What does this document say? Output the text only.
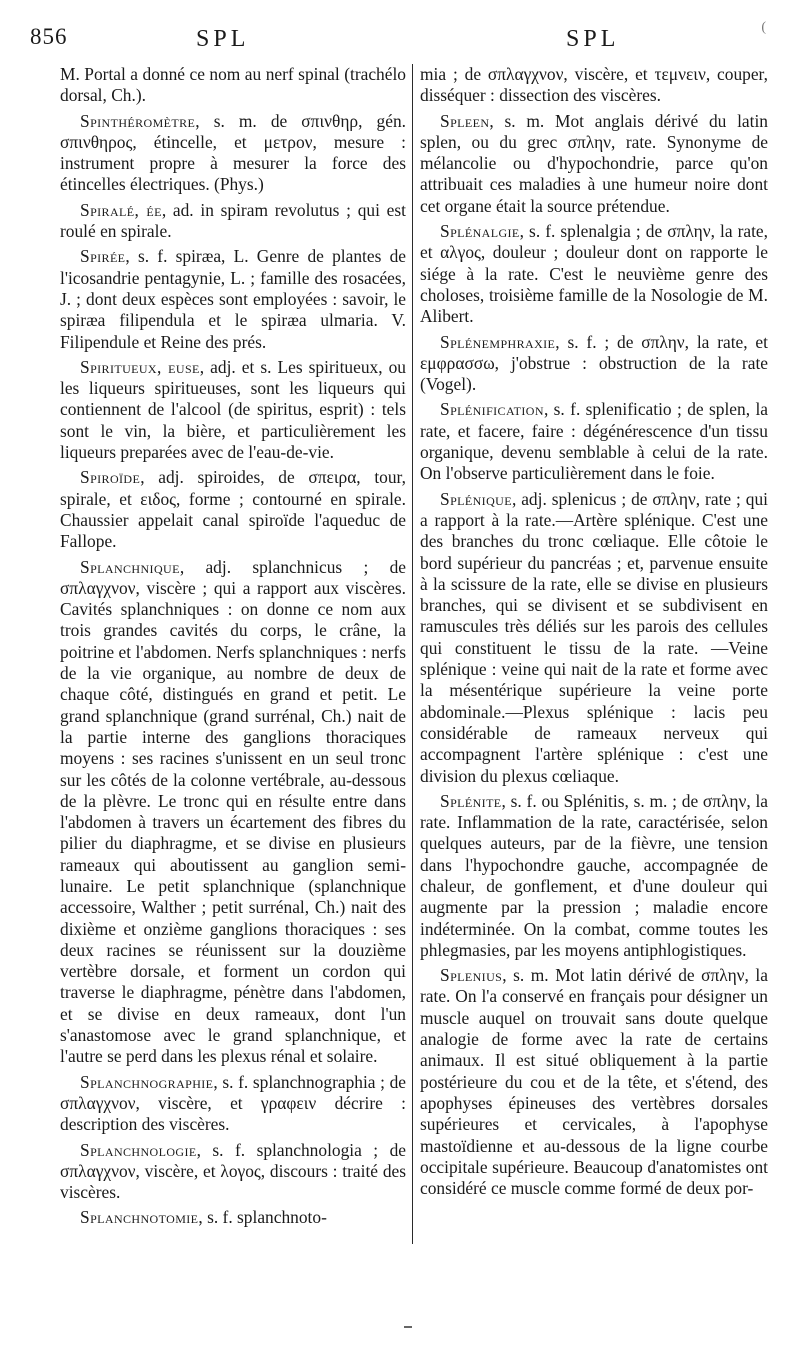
856	SPL	SPL	(

M. Portal a donné ce nom au nerf spinal (trachélo dorsal, Ch.).

Spinthéromètre, s. m. de σπινθηρ, gén. σπινθηρος, étincelle, et μετρον, mesure : instrument propre à mesurer la force des étincelles électriques. (Phys.)

Spiralé, ée, ad. in spiram revolutus ; qui est roulé en spirale.

Spirée, s. f. spiræa, L. Genre de plantes de l'icosandrie pentagynie, L. ; famille des rosacées, J. ; dont deux espèces sont employées : savoir, le spiræa filipendula et le spiræa ulmaria. V. Filipendule et Reine des prés.

Spiritueux, euse, adj. et s. Les spiritueux, ou les liqueurs spiritueuses, sont les liqueurs qui contiennent de l'alcool (de spiritus, esprit) : tels sont le vin, la bière, et particulièrement les liqueurs preparées avec de l'eau-de-vie.

Spiroïde, adj. spiroides, de σπειρα, tour, spirale, et ειδος, forme ; contourné en spirale. Chaussier appelait canal spiroïde l'aqueduc de Fallope.

Splanchnique, adj. splanchnicus ; de σπλαγχνον, viscère ; qui a rapport aux viscères. Cavités splanchniques : on donne ce nom aux trois grandes cavités du corps, le crâne, la poitrine et l'abdomen. Nerfs splanchniques : nerfs de la vie organique, au nombre de deux de chaque côté, distingués en grand et petit. Le grand splanchnique (grand surrénal, Ch.) nait de la partie interne des ganglions thoraciques moyens : ses racines s'unissent en un seul tronc sur les côtés de la colonne vertébrale, au-dessous de la plèvre. Le tronc qui en résulte entre dans l'abdomen à travers un écartement des fibres du pilier du diaphragme, et se divise en plusieurs rameaux qui aboutissent au ganglion semi-lunaire. Le petit splanchnique (splanchnique accessoire, Walther ; petit surrénal, Ch.) nait des dixième et onzième ganglions thoraciques : ses deux racines se réunissent sur la douzième vertèbre dorsale, et forment un cordon qui traverse le diaphragme, pénètre dans l'abdomen, et se divise en deux rameaux, dont l'un s'anastomose avec le grand splanchnique, et l'autre se perd dans les plexus rénal et solaire.

Splanchnographie, s. f. splanchnographia ; de σπλαγχνον, viscère, et γραφειν décrire : description des viscères.

Splanchnologie, s. f. splanchnologia ; de σπλαγχνον, viscère, et λογος, discours : traité des viscères.

Splanchnotomie, s. f. splanchnoto-

mia ; de σπλαγχνον, viscère, et τεμνειν, couper, disséquer : dissection des viscères.

Spleen, s. m. Mot anglais dérivé du latin splen, ou du grec σπλην, rate. Synonyme de mélancolie ou d'hypochondrie, parce qu'on attribuait ces maladies à une humeur noire dont cet organe était la source prétendue.

Splénalgie, s. f. splenalgia ; de σπλην, la rate, et αλγος, douleur ; douleur dont on rapporte le siége à la rate. C'est le neuvième genre des choloses, troisième famille de la Nosologie de M. Alibert.

Splénemphraxie, s. f. ; de σπλην, la rate, et εμφρασσω, j'obstrue : obstruction de la rate (Vogel).

Splénification, s. f. splenificatio ; de splen, la rate, et facere, faire : dégénérescence d'un tissu organique, devenu semblable à celui de la rate. On l'observe particulièrement dans le foie.

Splénique, adj. splenicus ; de σπλην, rate ; qui a rapport à la rate.—Artère splénique. C'est une des branches du tronc cœliaque. Elle côtoie le bord supérieur du pancréas ; et, parvenue ensuite à la scissure de la rate, elle se divise en plusieurs branches, qui se divisent et se subdivisent en ramuscules très déliés sur les parois des cellules qui constituent le tissu de la rate. —Veine splénique : veine qui nait de la rate et forme avec la mésentérique supérieure la veine porte abdominale.—Plexus splénique : lacis peu considérable de rameaux nerveux qui accompagnent l'artère splénique : c'est une division du plexus cœliaque.

Splénite, s. f. ou Splénitis, s. m. ; de σπλην, la rate. Inflammation de la rate, caractérisée, selon quelques auteurs, par de la fièvre, une tension dans l'hypochondre gauche, accompagnée de chaleur, de gonflement, et d'une douleur qui augmente par la pression ; maladie encore indéterminée. On la combat, comme toutes les phlegmasies, par les moyens antiphlogistiques.

Splenius, s. m. Mot latin dérivé de σπλην, la rate. On l'a conservé en français pour désigner un muscle auquel on trouvait sans doute quelque analogie de forme avec la rate de certains animaux. Il est situé obliquement à la partie postérieure du cou et de la tête, et s'étend, des apophyses épineuses des vertèbres dorsales supérieures et cervicales, à l'apophyse mastoïdienne et au-dessous de la ligne courbe occipitale supérieure. Beaucoup d'anatomistes ont considéré ce muscle comme formé de deux por-
